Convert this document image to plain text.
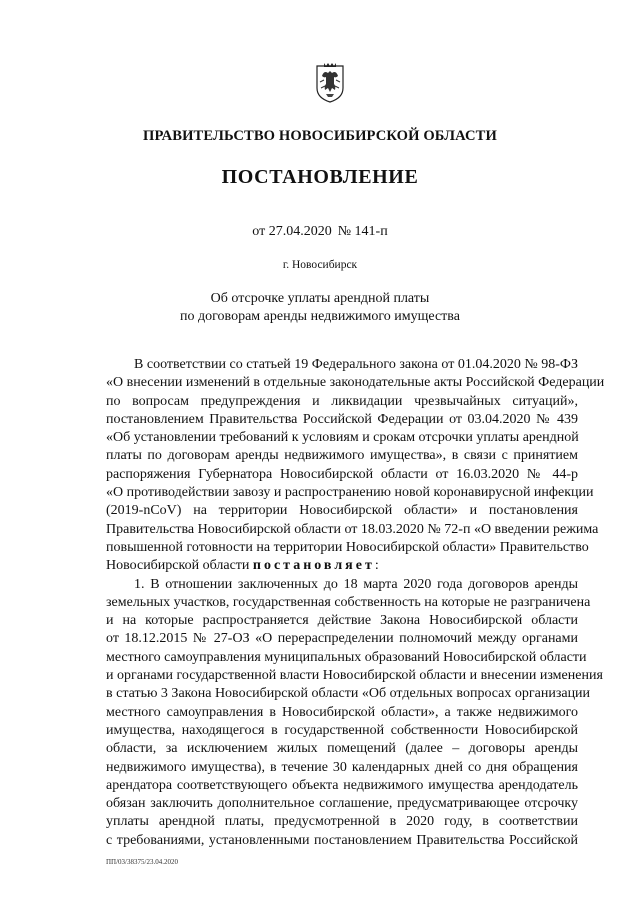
ПРАВИТЕЛЬСТВО НОВОСИБИРСКОЙ ОБЛАСТИ
ПОСТАНОВЛЕНИЕ
от 27.04.2020 № 141-п
г. Новосибирск
Об отсрочке уплаты арендной платы
по договорам аренды недвижимого имущества
В соответствии со статьей 19 Федерального закона от 01.04.2020 № 98-ФЗ
«О внесении изменений в отдельные законодательные акты Российской Федерации
по вопросам предупреждения и ликвидации чрезвычайных ситуаций»,
постановлением Правительства Российской Федерации от 03.04.2020 № 439
«Об установлении требований к условиям и срокам отсрочки уплаты арендной
платы по договорам аренды недвижимого имущества», в связи с принятием
распоряжения Губернатора Новосибирской области от 16.03.2020 № 44-р
«О противодействии завозу и распространению новой коронавирусной инфекции
(2019-nCoV) на территории Новосибирской области» и постановления
Правительства Новосибирской области от 18.03.2020 № 72-п «О введении режима
повышенной готовности на территории Новосибирской области» Правительство
Новосибирской области постановляет:
1. В отношении заключенных до 18 марта 2020 года договоров аренды
земельных участков, государственная собственность на которые не разграничена
и на которые распространяется действие Закона Новосибирской области
от 18.12.2015 № 27-ОЗ «О перераспределении полномочий между органами
местного самоуправления муниципальных образований Новосибирской области
и органами государственной власти Новосибирской области и внесении изменения
в статью 3 Закона Новосибирской области «Об отдельных вопросах организации
местного самоуправления в Новосибирской области», а также недвижимого
имущества, находящегося в государственной собственности Новосибирской
области, за исключением жилых помещений (далее – договоры аренды
недвижимого имущества), в течение 30 календарных дней со дня обращения
арендатора соответствующего объекта недвижимого имущества арендодатель
обязан заключить дополнительное соглашение, предусматривающее отсрочку
уплаты арендной платы, предусмотренной в 2020 году, в соответствии
с требованиями, установленными постановлением Правительства Российской
ПП/03/38375/23.04.2020
